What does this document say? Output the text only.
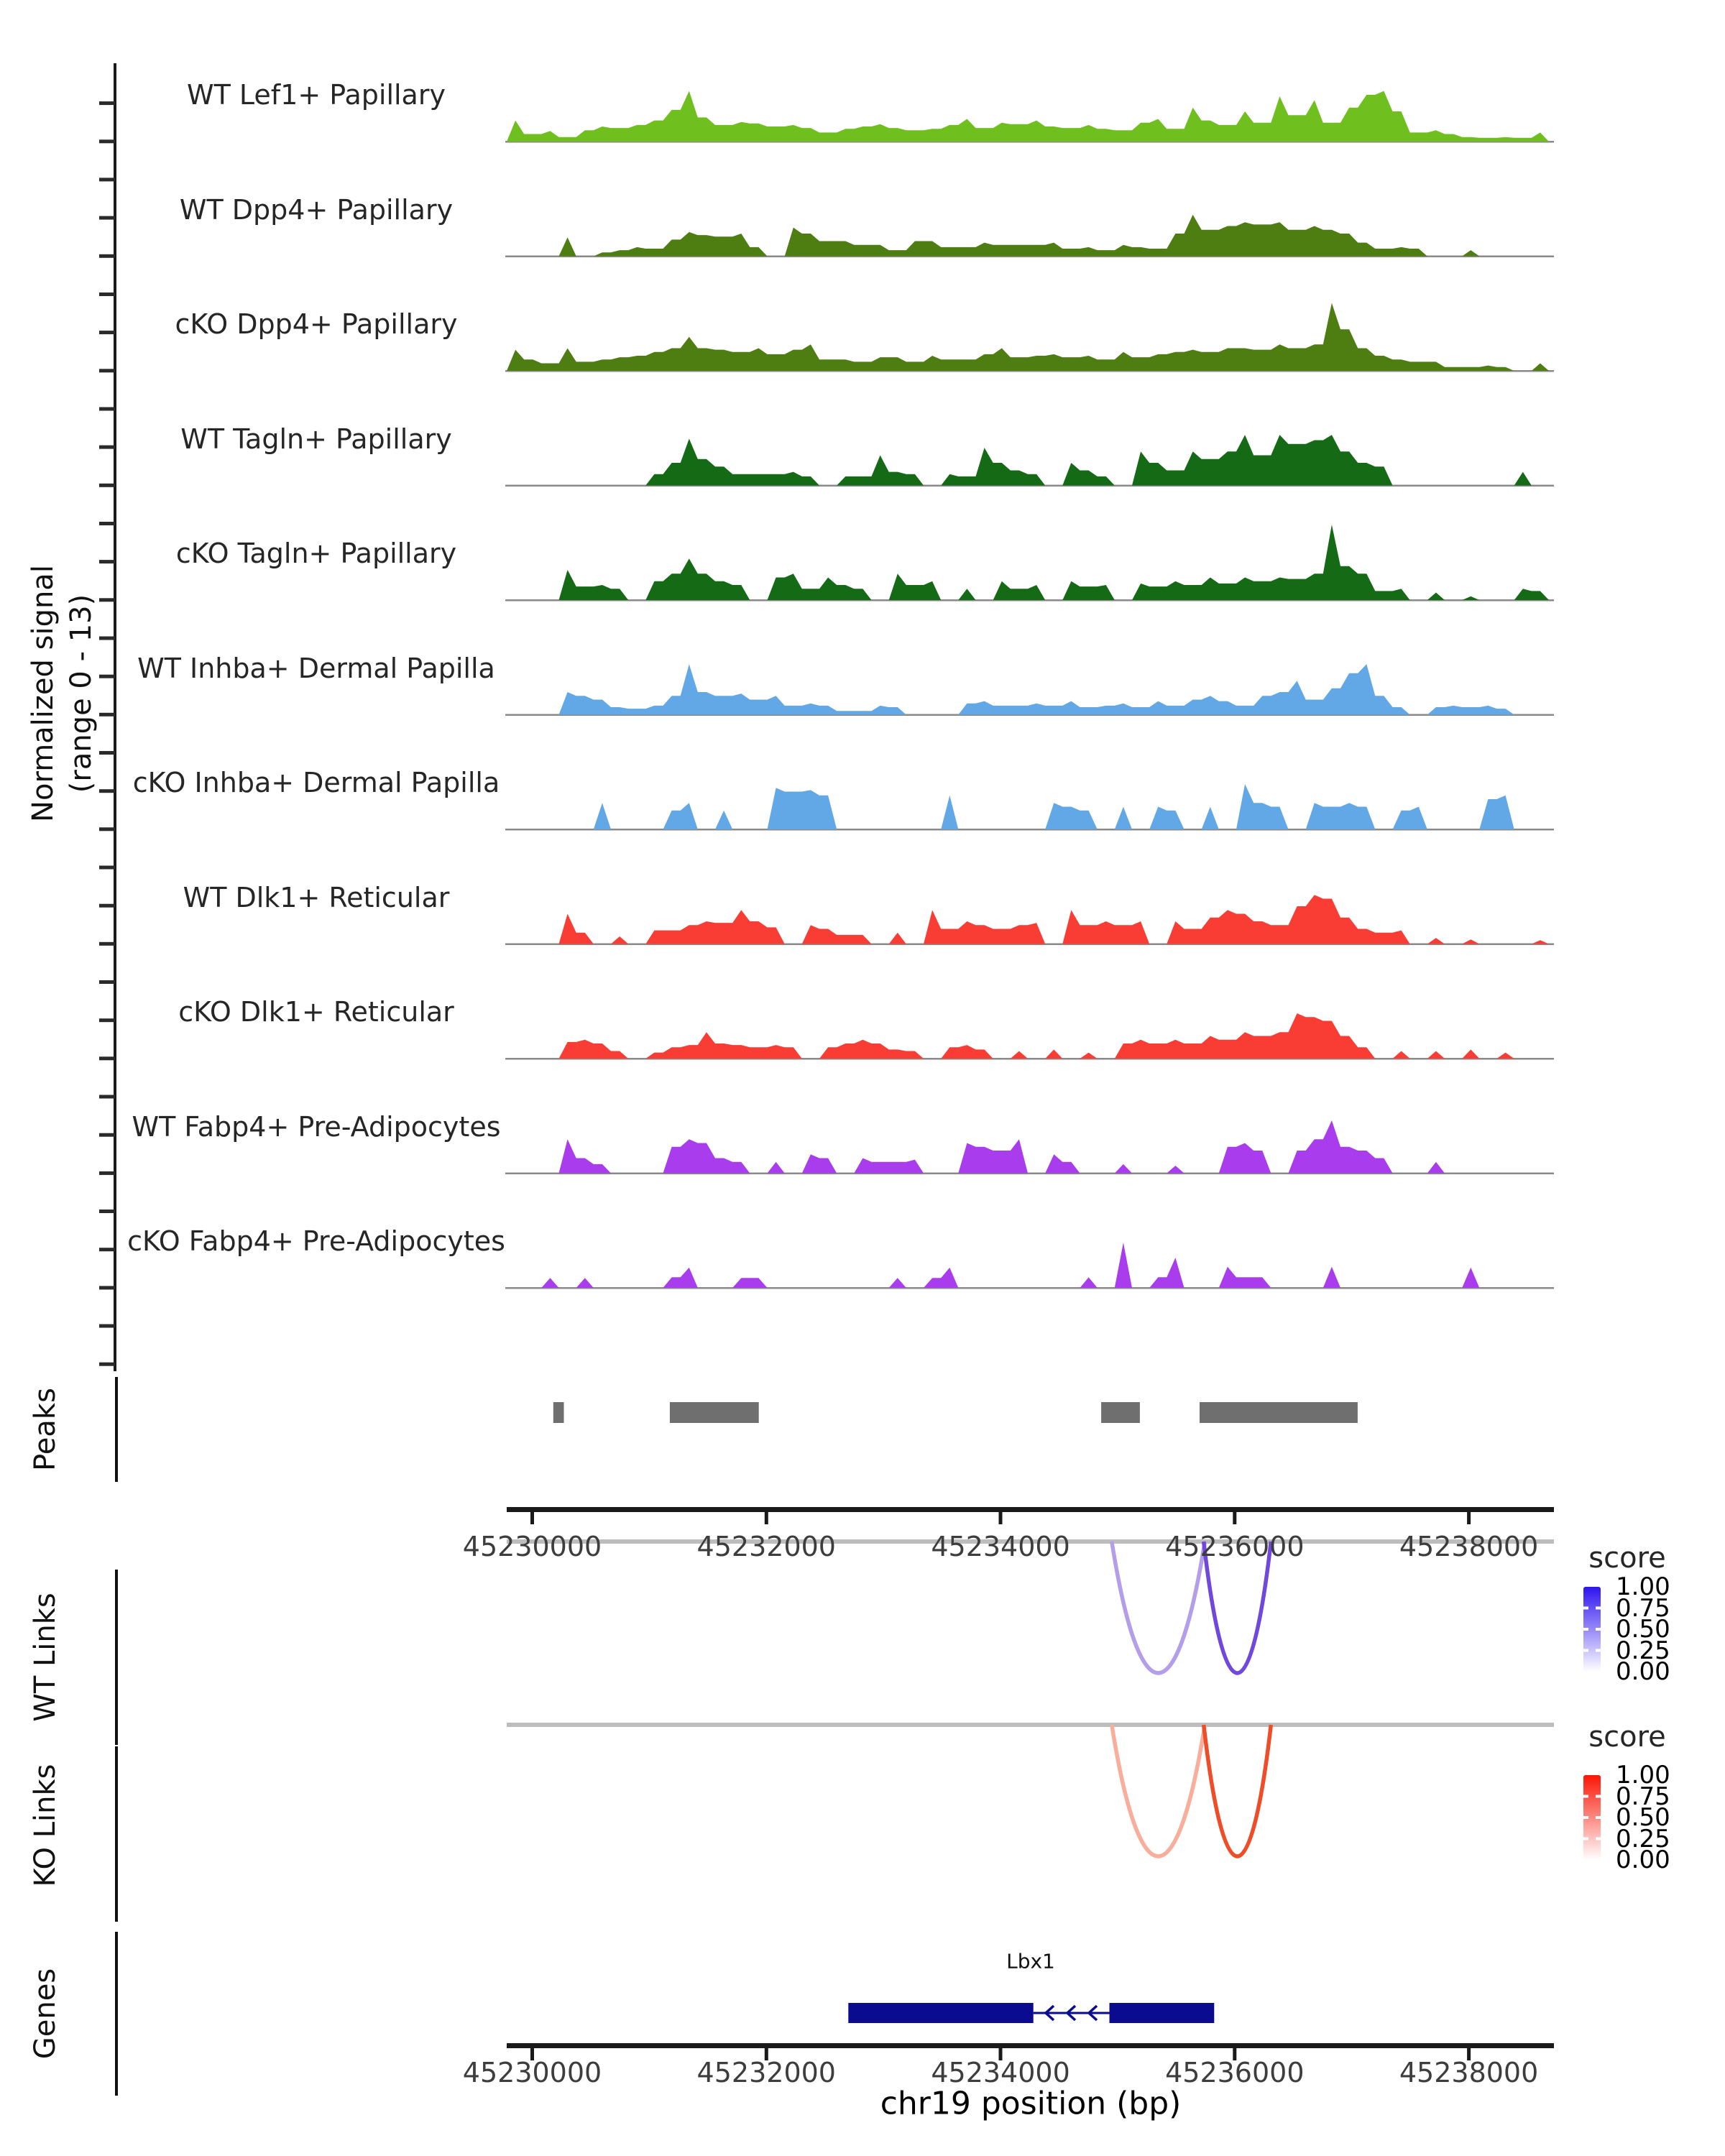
Normalized signal (range 0 - 13)
Peaks
WT Links
KO Links
Genes
score
score
Lbx1
chr19 position (bp)
WT Lef1+ Papillary
WT Dpp4+ Papillary
cKO Dpp4+ Papillary
WT Tagln+ Papillary
cKO Tagln+ Papillary
WT Inhba+ Dermal Papilla
cKO Inhba+ Dermal Papilla
WT Dlk1+ Reticular
cKO Dlk1+ Reticular
WT Fabp4+ Pre-Adipocytes
cKO Fabp4+ Pre-Adipocytes
45230000	45232000	45234000	45236000	45238000
45230000	45232000	45234000	45236000	45238000
1.00
0.75
0.50
0.25
0.00
1.00
0.75
0.50
0.25
0.00
